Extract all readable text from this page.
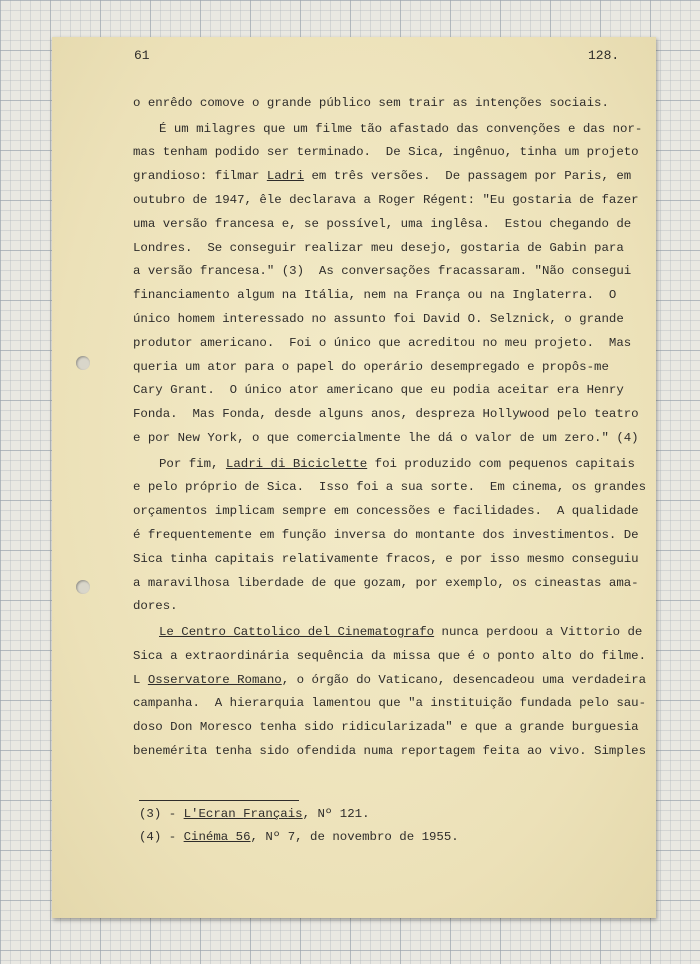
61	128.
o enrêdo comove o grande público sem trair as intenções sociais.
É um milagres que um filme tão afastado das convenções e das nor-
mas tenham podido ser terminado.  De Sica, ingênuo, tinha um projeto
grandioso: filmar Ladri em três versões.  De passagem por Paris, em
outubro de 1947, êle declarava a Roger Régent: "Eu gostaria de fazer
uma versão francesa e, se possível, uma inglêsa.  Estou chegando de
Londres.  Se conseguir realizar meu desejo, gostaria de Gabin para
a versão francesa." (3)  As conversações fracassaram. "Não consegui
financiamento algum na Itália, nem na França ou na Inglaterra.  O
único homem interessado no assunto foi David O. Selznick, o grande
produtor americano.  Foi o único que acreditou no meu projeto.  Mas
queria um ator para o papel do operário desempregado e propôs-me
Cary Grant.  O único ator americano que eu podia aceitar era Henry
Fonda.  Mas Fonda, desde alguns anos, despreza Hollywood pelo teatro
e por New York, o que comercialmente lhe dá o valor de um zero." (4)
Por fim, Ladri di Biciclette foi produzido com pequenos capitais
e pelo próprio de Sica.  Isso foi a sua sorte.  Em cinema, os grandes
orçamentos implicam sempre em concessões e facilidades.  A qualidade
é frequentemente em função inversa do montante dos investimentos. De
Sica tinha capitais relativamente fracos, e por isso mesmo conseguiu
a maravilhosa liberdade de que gozam, por exemplo, os cineastas ama-
dores.
Le Centro Cattolico del Cinematografo nunca perdoou a Vittorio de
Sica a extraordinária sequência da missa que é o ponto alto do filme.
L Osservatore Romano, o órgão do Vaticano, desencadeou uma verdadeira
campanha.  A hierarquia lamentou que "a instituição fundada pelo sau-
doso Don Moresco tenha sido ridicularizada" e que a grande burguesia
benemérita tenha sido ofendida numa reportagem feita ao vivo. Simples
(3) - L'Ecran Français, Nº 121.
(4) - Cinéma 56, Nº 7, de novembro de 1955.
